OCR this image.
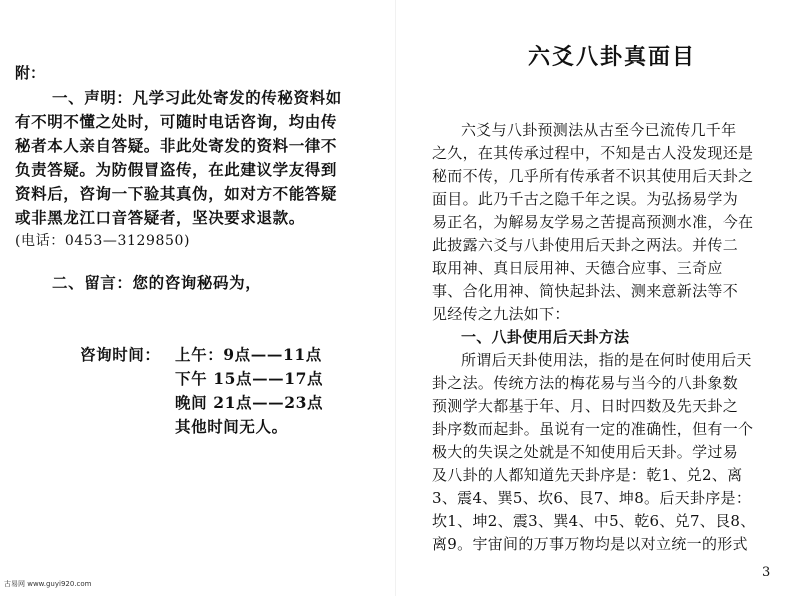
附：
一、声明：凡学习此处寄发的传秘资料如
有不明不懂之处时，可随时电话咨询，均由传
秘者本人亲自答疑。非此处寄发的资料一律不
负责答疑。为防假冒盗传，在此建议学友得到
资料后，咨询一下验其真伪，如对方不能答疑
或非黑龙江口音答疑者，坚决要求退款。
(电话：0453—3129850)
二、留言：您的咨询秘码为，
咨询时间： 上午：9点——11点
下午 15点——17点
晚间 21点——23点
其他时间无人。
古易网 www.guyi920.com
六爻八卦真面目
六爻与八卦预测法从古至今已流传几千年
之久，在其传承过程中，不知是古人没发现还是
秘而不传，几乎所有传承者不识其使用后天卦之
面目。此乃千古之隐千年之误。为弘扬易学为
易正名，为解易友学易之苦提高预测水准，今在
此披露六爻与八卦使用后天卦之两法。并传二
取用神、真日辰用神、天德合应事、三奇应
事、合化用神、简快起卦法、测来意新法等不
见经传之九法如下：
一、八卦使用后天卦方法
所谓后天卦使用法，指的是在何时使用后天
卦之法。传统方法的梅花易与当今的八卦象数
预测学大都基于年、月、日时四数及先天卦之
卦序数而起卦。虽说有一定的准确性，但有一个
极大的失误之处就是不知使用后天卦。学过易
及八卦的人都知道先天卦序是：乾1、兑2、离
3、震4、巽5、坎6、艮7、坤8。后天卦序是：
坎1、坤2、震3、巽4、中5、乾6、兑7、艮8、
离9。宇宙间的万事万物均是以对立统一的形式
3
